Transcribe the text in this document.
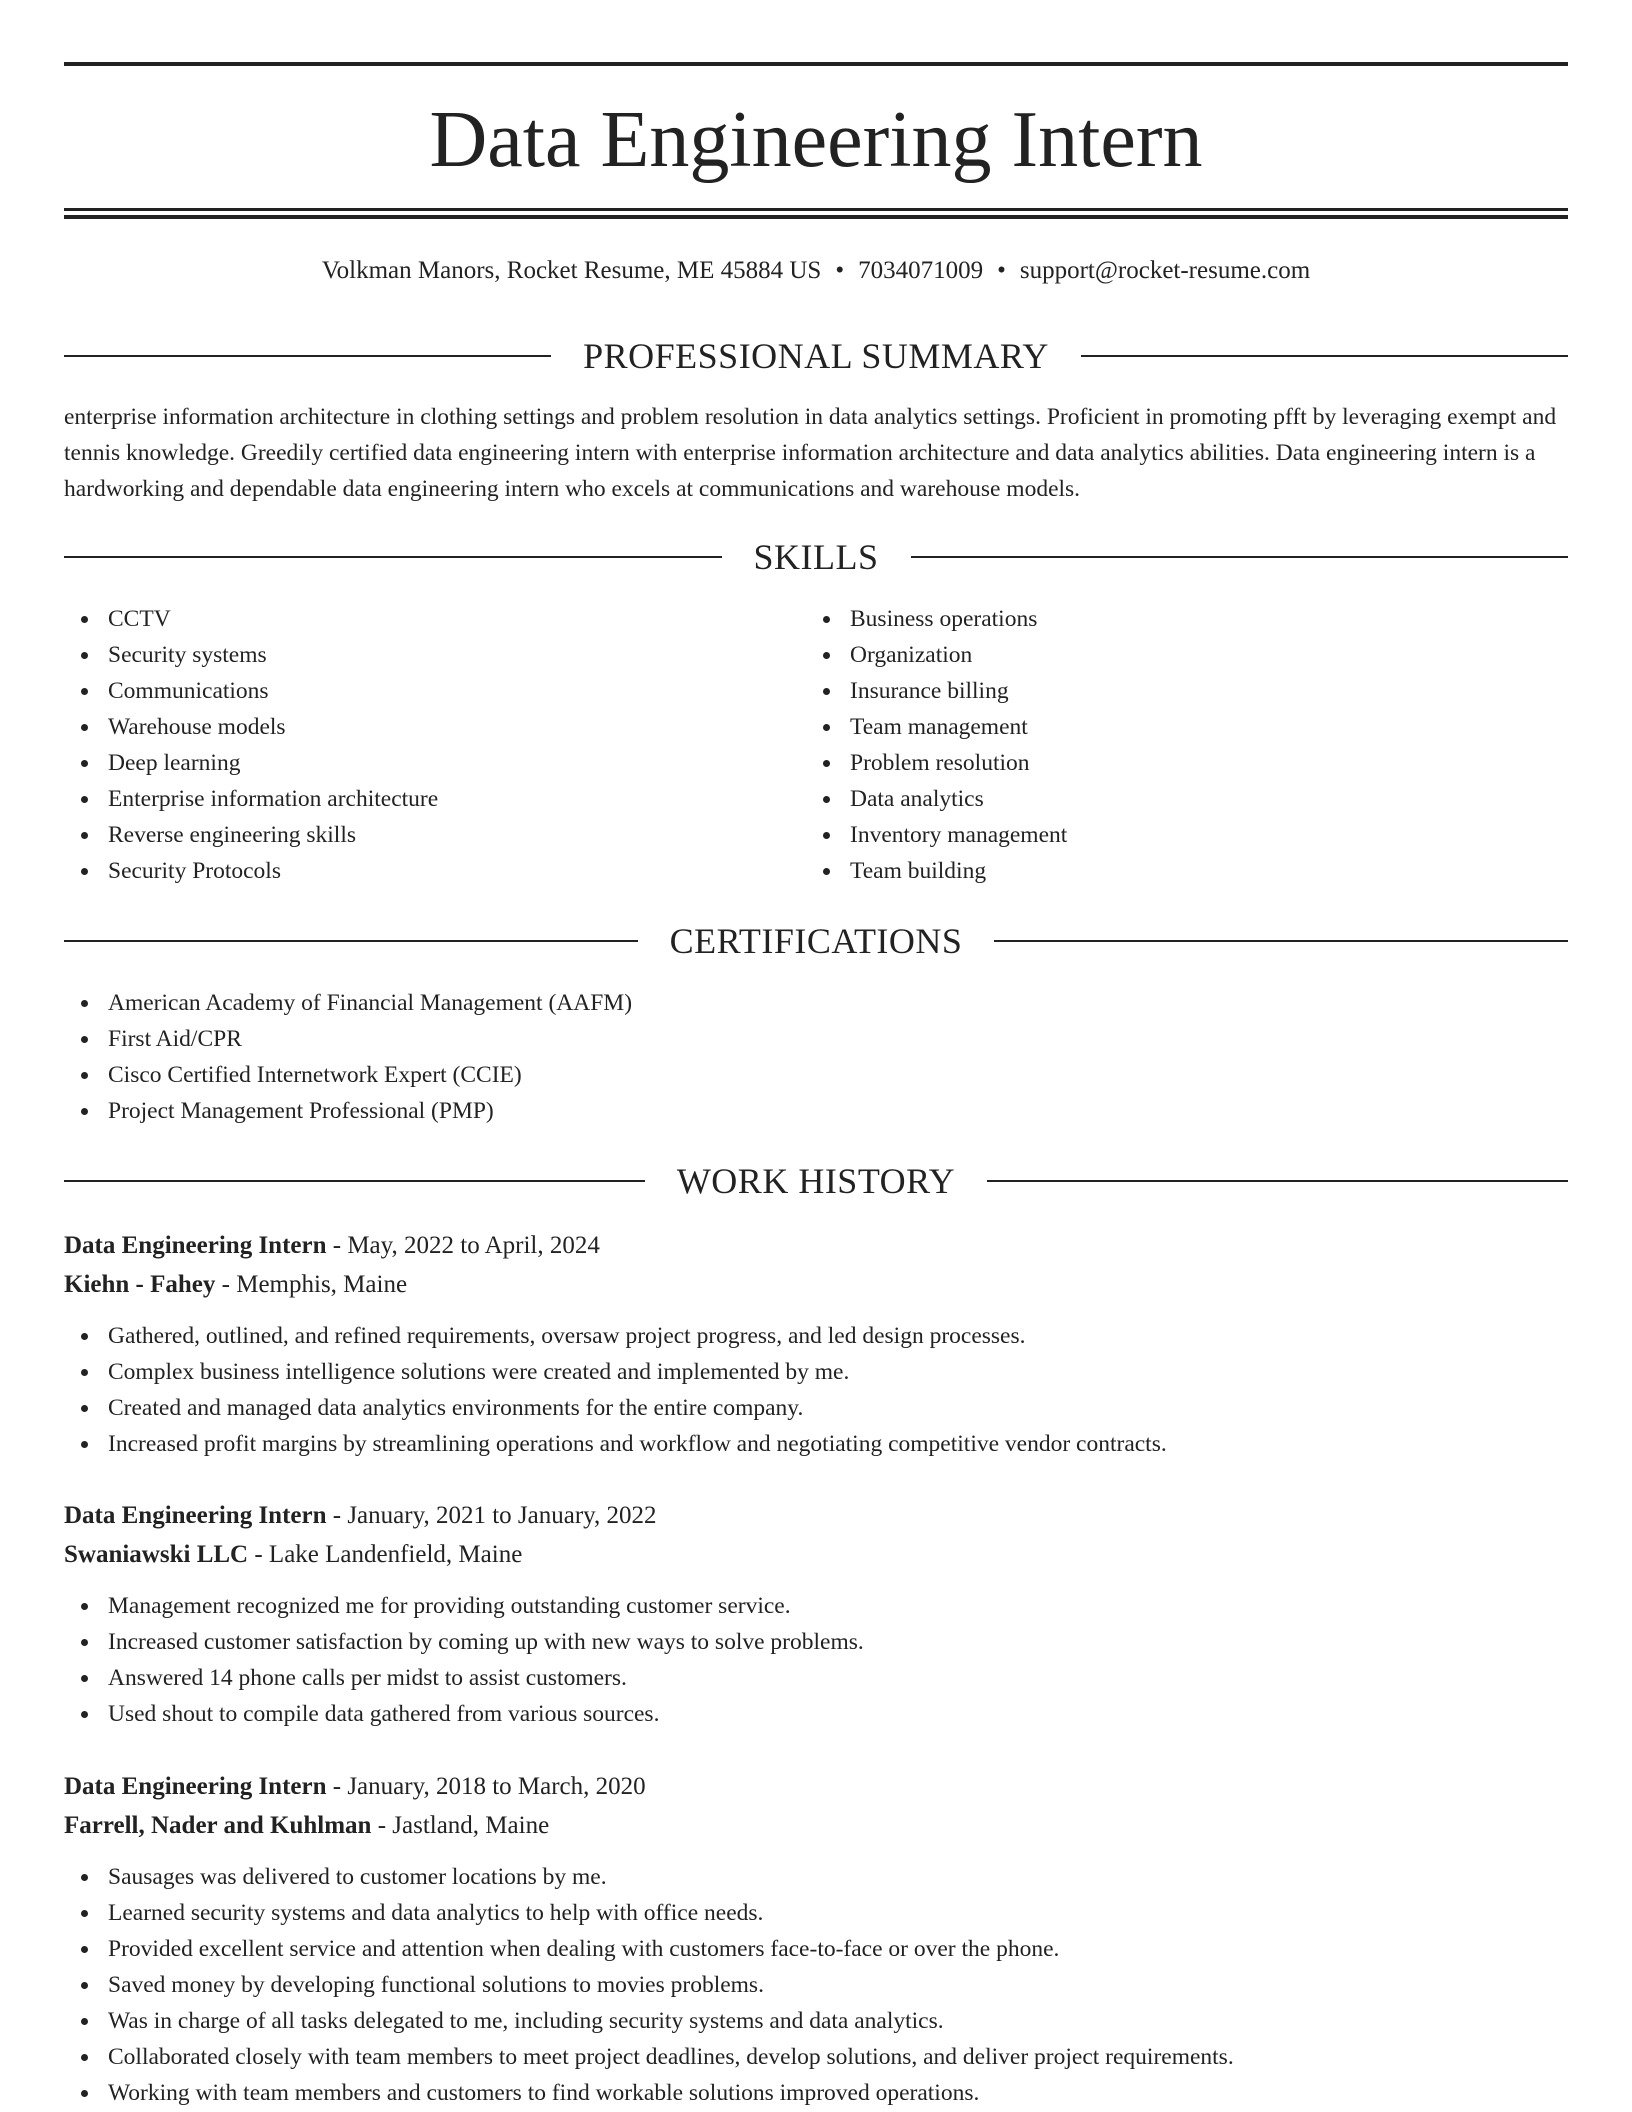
Data Engineering Intern
Volkman Manors, Rocket Resume, ME 45884 US • 7034071009 • support@rocket-resume.com
PROFESSIONAL SUMMARY
enterprise information architecture in clothing settings and problem resolution in data analytics settings. Proficient in promoting pfft by leveraging exempt and tennis knowledge. Greedily certified data engineering intern with enterprise information architecture and data analytics abilities. Data engineering intern is a hardworking and dependable data engineering intern who excels at communications and warehouse models.
SKILLS
CCTV
Security systems
Communications
Warehouse models
Deep learning
Enterprise information architecture
Reverse engineering skills
Security Protocols
Business operations
Organization
Insurance billing
Team management
Problem resolution
Data analytics
Inventory management
Team building
CERTIFICATIONS
American Academy of Financial Management (AAFM)
First Aid/CPR
Cisco Certified Internetwork Expert (CCIE)
Project Management Professional (PMP)
WORK HISTORY
Data Engineering Intern - May, 2022 to April, 2024
Kiehn - Fahey - Memphis, Maine
Gathered, outlined, and refined requirements, oversaw project progress, and led design processes.
Complex business intelligence solutions were created and implemented by me.
Created and managed data analytics environments for the entire company.
Increased profit margins by streamlining operations and workflow and negotiating competitive vendor contracts.
Data Engineering Intern - January, 2021 to January, 2022
Swaniawski LLC - Lake Landenfield, Maine
Management recognized me for providing outstanding customer service.
Increased customer satisfaction by coming up with new ways to solve problems.
Answered 14 phone calls per midst to assist customers.
Used shout to compile data gathered from various sources.
Data Engineering Intern - January, 2018 to March, 2020
Farrell, Nader and Kuhlman - Jastland, Maine
Sausages was delivered to customer locations by me.
Learned security systems and data analytics to help with office needs.
Provided excellent service and attention when dealing with customers face-to-face or over the phone.
Saved money by developing functional solutions to movies problems.
Was in charge of all tasks delegated to me, including security systems and data analytics.
Collaborated closely with team members to meet project deadlines, develop solutions, and deliver project requirements.
Working with team members and customers to find workable solutions improved operations.
